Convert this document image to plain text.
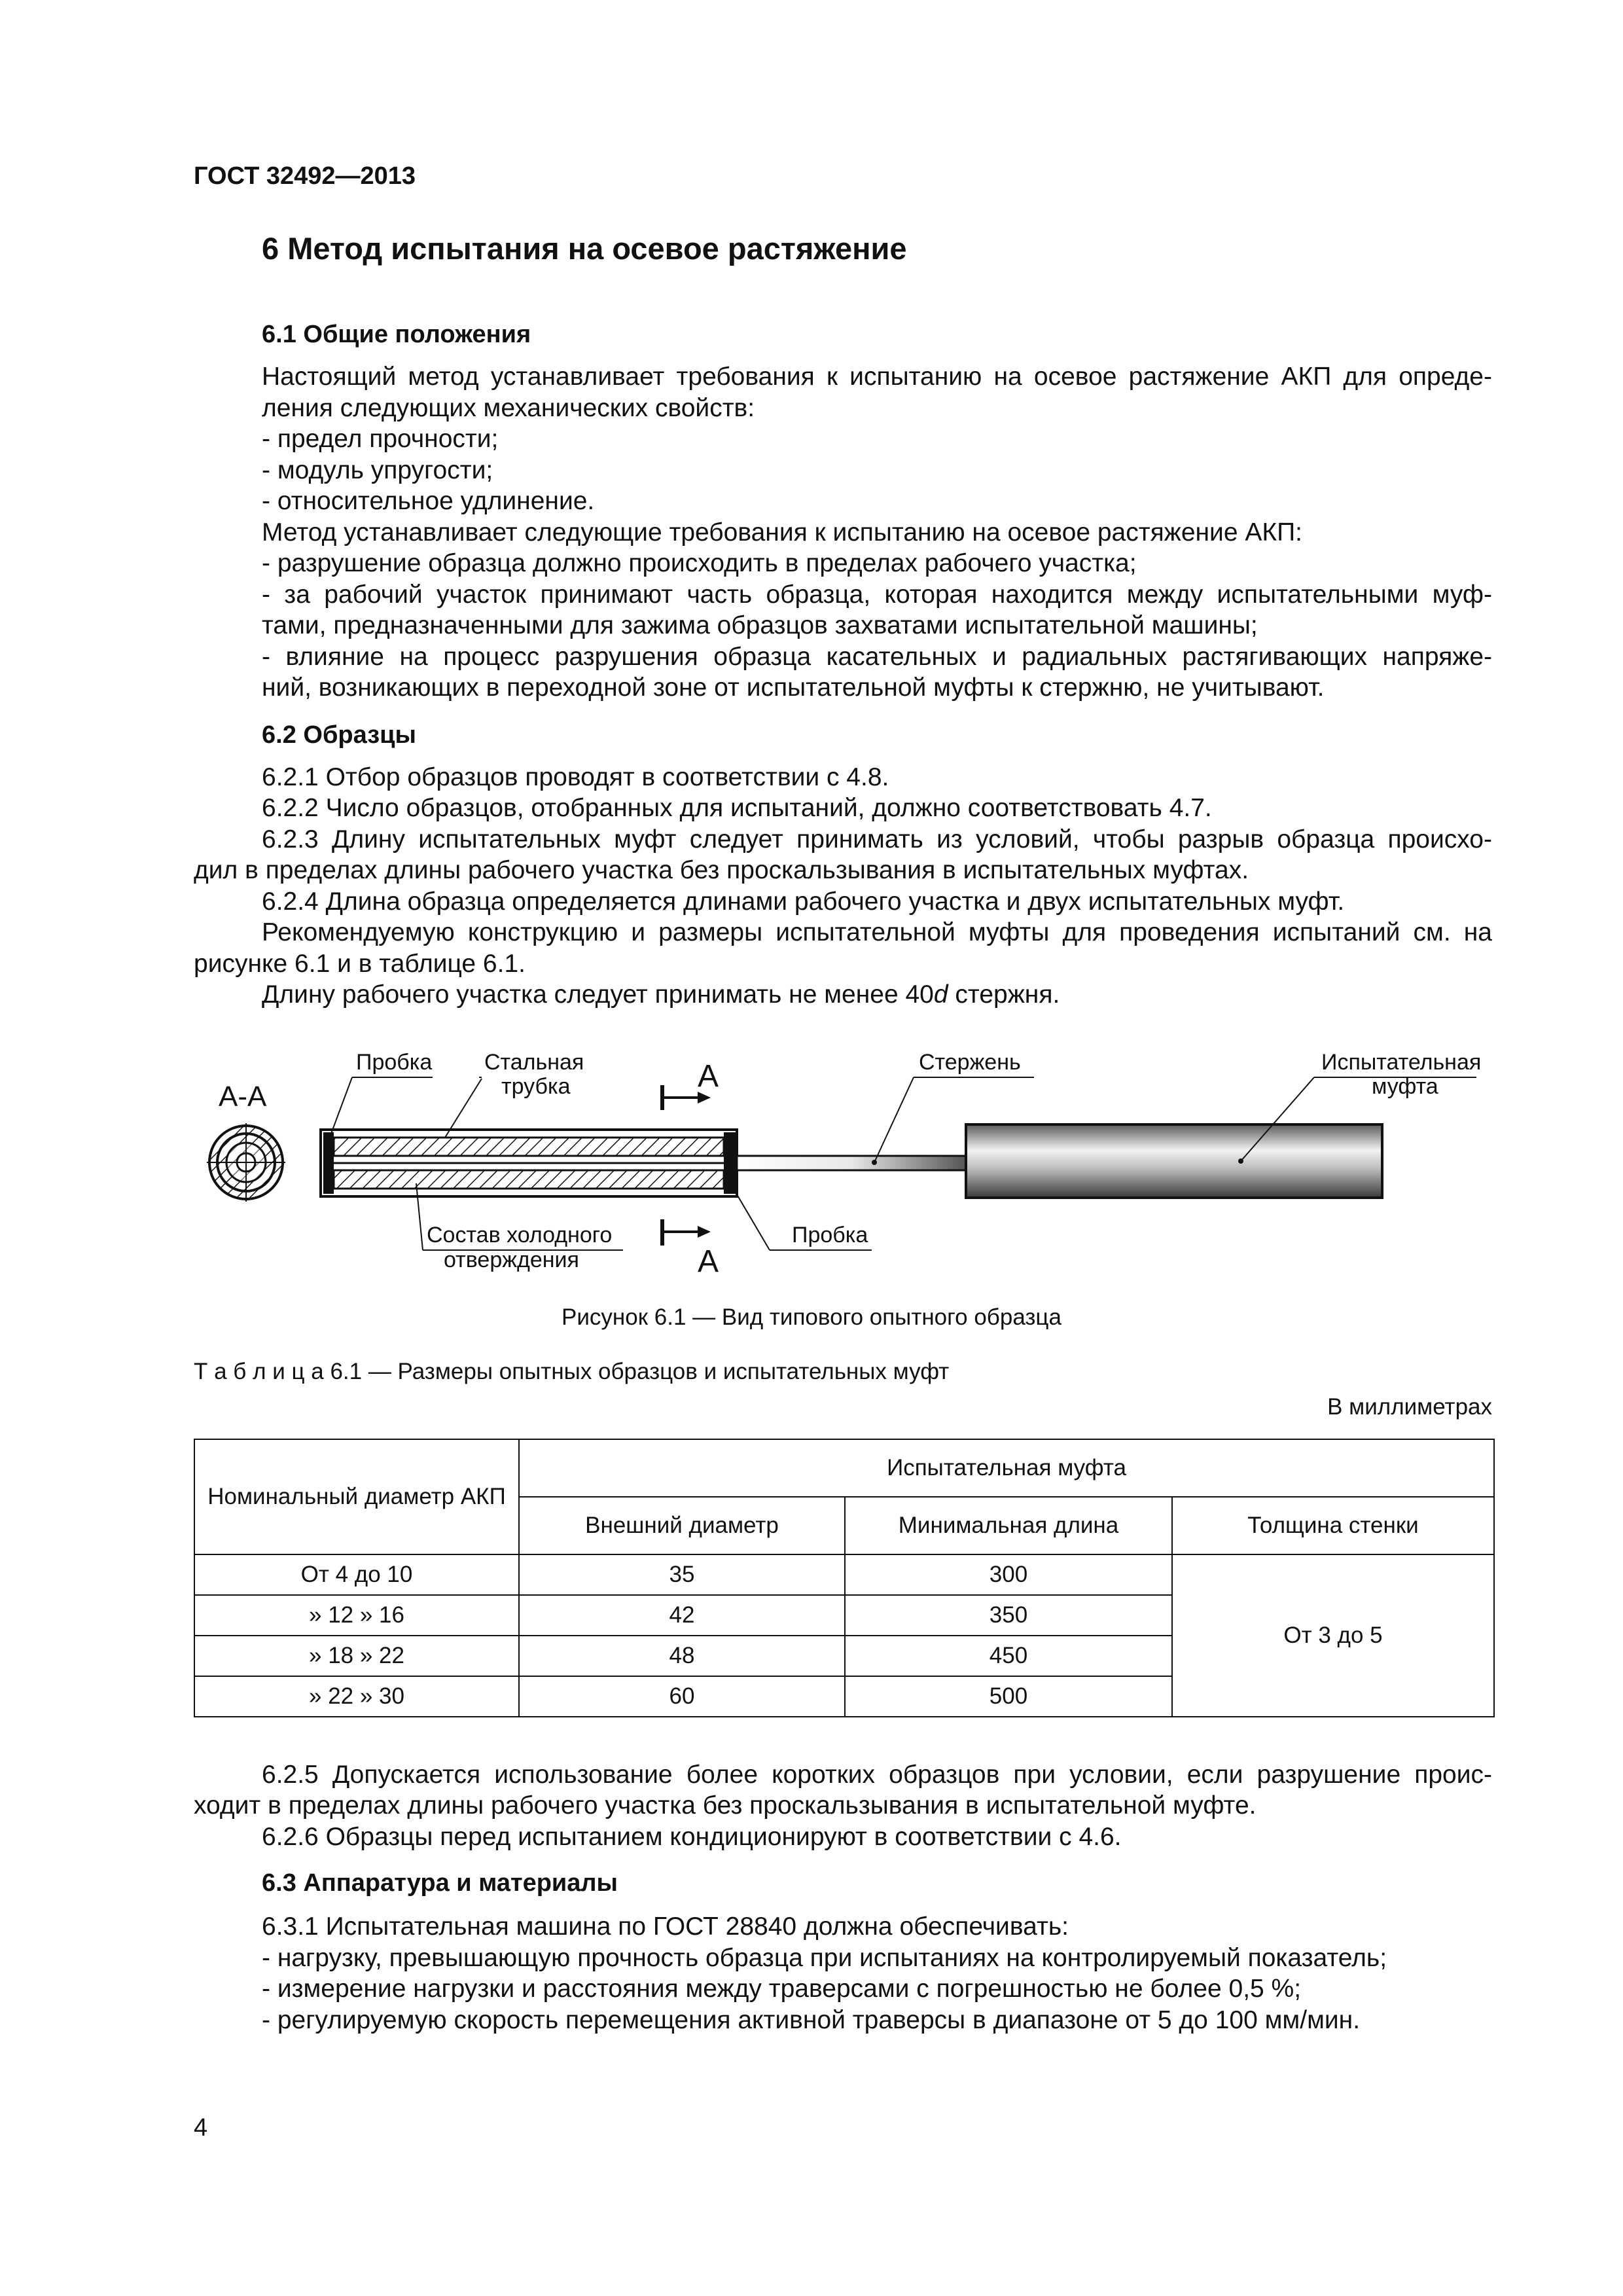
ГОСТ 32492—2013
6 Метод испытания на осевое растяжение
6.1 Общие положения
Настоящий метод устанавливает требования к испытанию на осевое растяжение АКП для опреде-
ления следующих механических свойств:
- предел прочности;
- модуль упругости;
- относительное удлинение.
Метод устанавливает следующие требования к испытанию на осевое растяжение АКП:
- разрушение образца должно происходить в пределах рабочего участка;
- за рабочий участок принимают часть образца, которая находится между испытательными муф-
тами, предназначенными для зажима образцов захватами испытательной машины;
- влияние на процесс разрушения образца касательных и радиальных растягивающих напряже-
ний, возникающих в переходной зоне от испытательной муфты к стержню, не учитывают.
6.2 Образцы
6.2.1 Отбор образцов проводят в соответствии с 4.8.
6.2.2 Число образцов, отобранных для испытаний, должно соответствовать 4.7.
6.2.3 Длину испытательных муфт следует принимать из условий, чтобы разрыв образца происхо-
дил в пределах длины рабочего участка без проскальзывания в испытательных муфтах.
6.2.4 Длина образца определяется длинами рабочего участка и двух испытательных муфт.
Рекомендуемую конструкцию и размеры испытательной муфты для проведения испытаний см. на
рисунке 6.1 и в таблице 6.1.
Длину рабочего участка следует принимать не менее 40d стержня.
А-А
А
А
Пробка Стальная
трубка
Стержень	Испытательная
муфта
Состав холодного
отверждения
Пробка
Рисунок 6.1 — Вид типового опытного образца
Т а б л и ц а 6.1 — Размеры опытных образцов и испытательных муфт
В миллиметрах
Номинальный диаметр АКП	Испытательная муфта		
	Внешний диаметр	Минимальная длина	Толщина стенки
От 4 до 10	35	300	От 3 до 5
» 12 » 16	42	350	
» 18 » 22	48	450	
» 22 » 30	60	500	
6.2.5 Допускается использование более коротких образцов при условии, если разрушение проис-
ходит в пределах длины рабочего участка без проскальзывания в испытательной муфте.
6.2.6 Образцы перед испытанием кондиционируют в соответствии с 4.6.
6.3 Аппаратура и материалы
6.3.1 Испытательная машина по ГОСТ 28840 должна обеспечивать:
- нагрузку, превышающую прочность образца при испытаниях на контролируемый показатель;
- измерение нагрузки и расстояния между траверсами с погрешностью не более 0,5 %;
- регулируемую скорость перемещения активной траверсы в диапазоне от 5 до 100 мм/мин.
4
